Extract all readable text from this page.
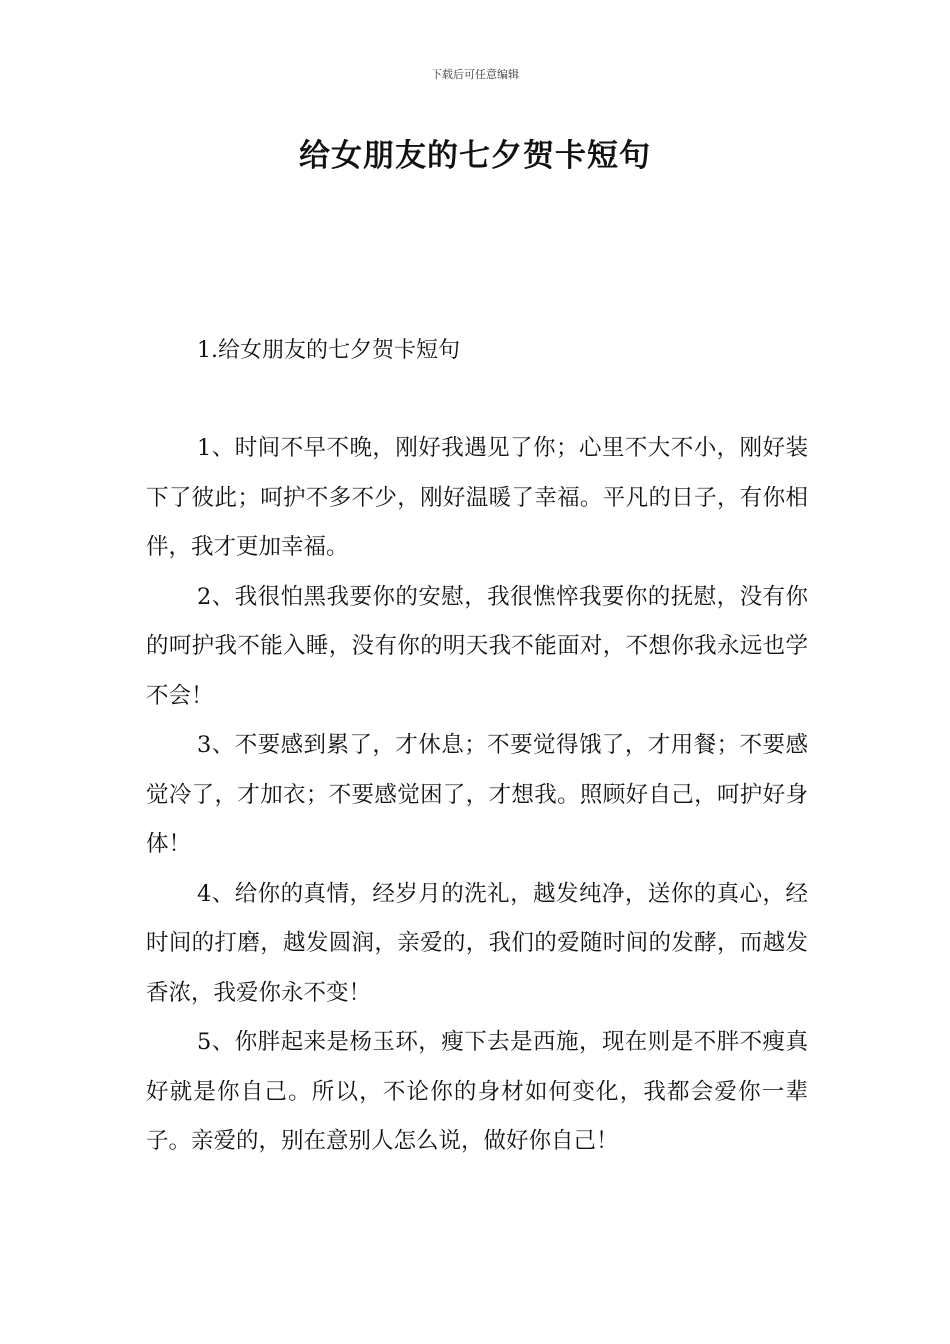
下载后可任意编辑
给女朋友的七夕贺卡短句
1.给女朋友的七夕贺卡短句

1、时间不早不晚，刚好我遇见了你；心里不大不小，刚好装下了彼此；呵护不多不少，刚好温暖了幸福。平凡的日子，有你相伴，我才更加幸福。

2、我很怕黑我要你的安慰，我很憔悴我要你的抚慰，没有你的呵护我不能入睡，没有你的明天我不能面对，不想你我永远也学不会！

3、不要感到累了，才休息；不要觉得饿了，才用餐；不要感觉冷了，才加衣；不要感觉困了，才想我。照顾好自己，呵护好身体！

4、给你的真情，经岁月的洗礼，越发纯净，送你的真心，经时间的打磨，越发圆润，亲爱的，我们的爱随时间的发酵，而越发香浓，我爱你永不变！

5、你胖起来是杨玉环，瘦下去是西施，现在则是不胖不瘦真好就是你自己。所以，不论你的身材如何变化，我都会爱你一辈子。亲爱的，别在意别人怎么说，做好你自己！
